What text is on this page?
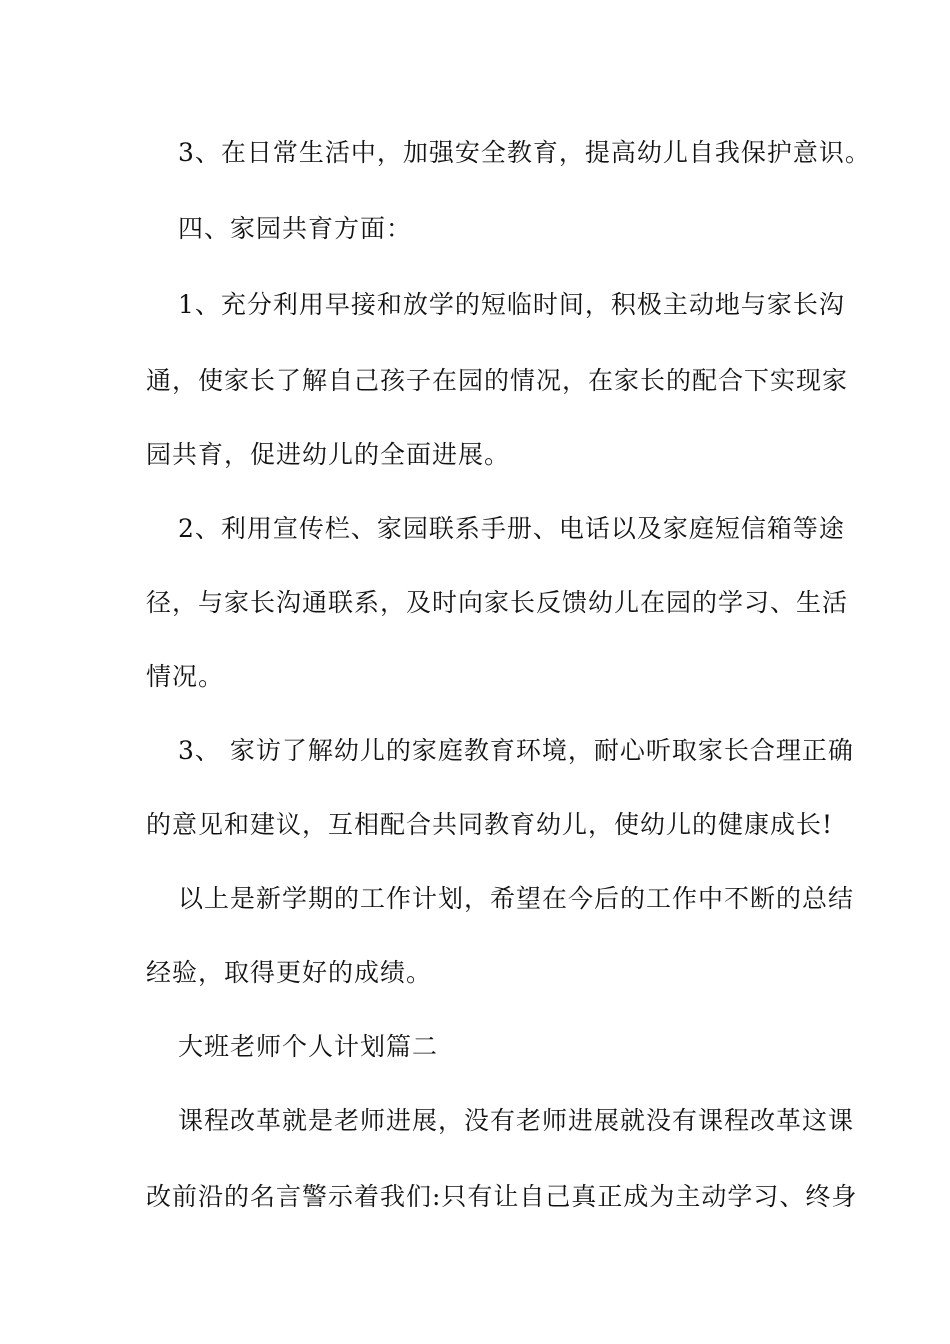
3、在日常生活中，加强安全教育，提高幼儿自我保护意识。
四、家园共育方面：
1、充分利用早接和放学的短临时间，积极主动地与家长沟
通，使家长了解自己孩子在园的情况，在家长的配合下实现家
园共育，促进幼儿的全面进展。
2、利用宣传栏、家园联系手册、电话以及家庭短信箱等途
径，与家长沟通联系，及时向家长反馈幼儿在园的学习、生活
情况。
3、 家访了解幼儿的家庭教育环境，耐心听取家长合理正确
的意见和建议，互相配合共同教育幼儿，使幼儿的健康成长!
以上是新学期的工作计划，希望在今后的工作中不断的总结
经验，取得更好的成绩。
大班老师个人计划篇二
课程改革就是老师进展，没有老师进展就没有课程改革这课
改前沿的名言警示着我们:只有让自己真正成为主动学习、终身
